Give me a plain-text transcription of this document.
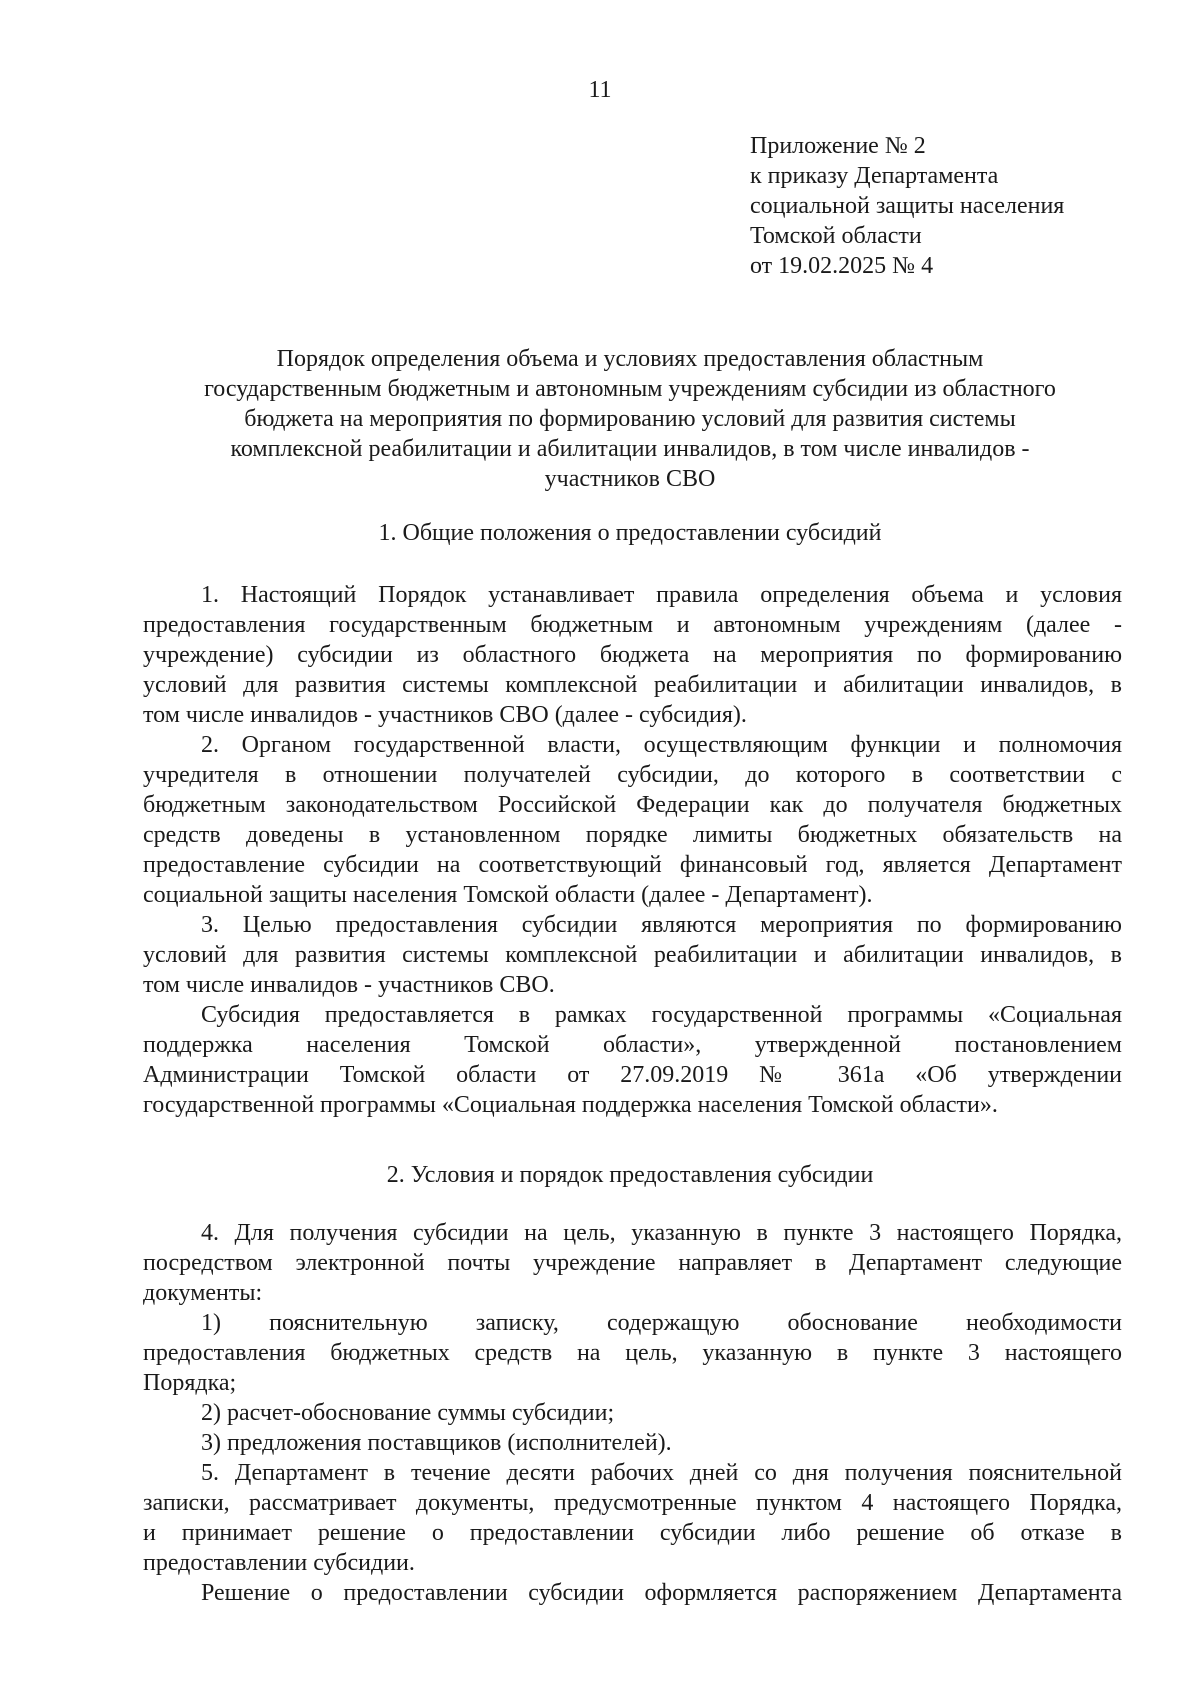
11
Приложение № 2
к приказу Департамента
социальной защиты населения
Томской области
от 19.02.2025 № 4
Порядок определения объема и условиях предоставления областным
государственным бюджетным и автономным учреждениям субсидии из областного
бюджета на мероприятия по формированию условий для развития системы
комплексной реабилитации и абилитации инвалидов, в том числе инвалидов -
участников СВО
1. Общие положения о предоставлении субсидий
1. Настоящий Порядок устанавливает правила определения объема и условия
предоставления государственным бюджетным и автономным учреждениям (далее -
учреждение) субсидии из областного бюджета на мероприятия по формированию
условий для развития системы комплексной реабилитации и абилитации инвалидов, в
том числе инвалидов - участников СВО (далее - субсидия).
2. Органом государственной власти, осуществляющим функции и полномочия
учредителя в отношении получателей субсидии, до которого в соответствии с
бюджетным законодательством Российской Федерации как до получателя бюджетных
средств доведены в установленном порядке лимиты бюджетных обязательств на
предоставление субсидии на соответствующий финансовый год, является Департамент
социальной защиты населения Томской области (далее - Департамент).
3. Целью предоставления субсидии являются мероприятия по формированию
условий для развития системы комплексной реабилитации и абилитации инвалидов, в
том числе инвалидов - участников СВО.
Субсидия предоставляется в рамках государственной программы «Социальная
поддержка населения Томской области», утвержденной постановлением
Администрации Томской области от 27.09.2019 № 361а «Об утверждении
государственной программы «Социальная поддержка населения Томской области».
2. Условия и порядок предоставления субсидии
4. Для получения субсидии на цель, указанную в пункте 3 настоящего Порядка,
посредством электронной почты учреждение направляет в Департамент следующие
документы:
1) пояснительную записку, содержащую обоснование необходимости
предоставления бюджетных средств на цель, указанную в пункте 3 настоящего
Порядка;
2) расчет-обоснование суммы субсидии;
3) предложения поставщиков (исполнителей).
5. Департамент в течение десяти рабочих дней со дня получения пояснительной
записки, рассматривает документы, предусмотренные пунктом 4 настоящего Порядка,
и принимает решение о предоставлении субсидии либо решение об отказе в
предоставлении субсидии.
Решение о предоставлении субсидии оформляется распоряжением Департамента
